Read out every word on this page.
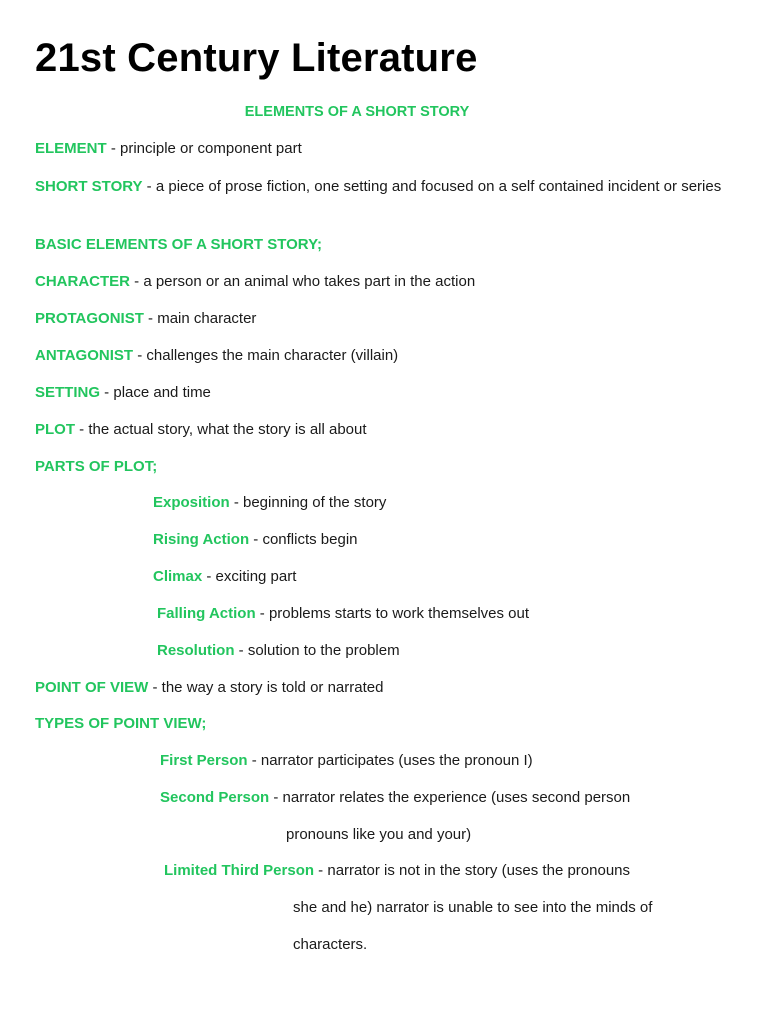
21st Century Literature
ELEMENTS OF A SHORT STORY
ELEMENT - principle or component part
SHORT STORY - a piece of prose fiction, one setting and focused on a self contained incident or series
BASIC ELEMENTS OF A SHORT STORY;
CHARACTER - a person or an animal who takes part in the action
PROTAGONIST - main character
ANTAGONIST - challenges the main character (villain)
SETTING - place and time
PLOT - the actual story, what the story is all about
PARTS OF PLOT;
Exposition - beginning of the story
Rising Action - conflicts begin
Climax - exciting part
Falling Action - problems starts to work themselves out
Resolution - solution to the problem
POINT OF VIEW - the way a story is told or narrated
TYPES OF POINT VIEW;
First Person - narrator participates (uses the pronoun I)
Second Person - narrator relates the experience (uses second person
pronouns like you and your)
Limited Third Person - narrator is not in the story (uses the pronouns
she and he) narrator is unable to see into the minds of
characters.
